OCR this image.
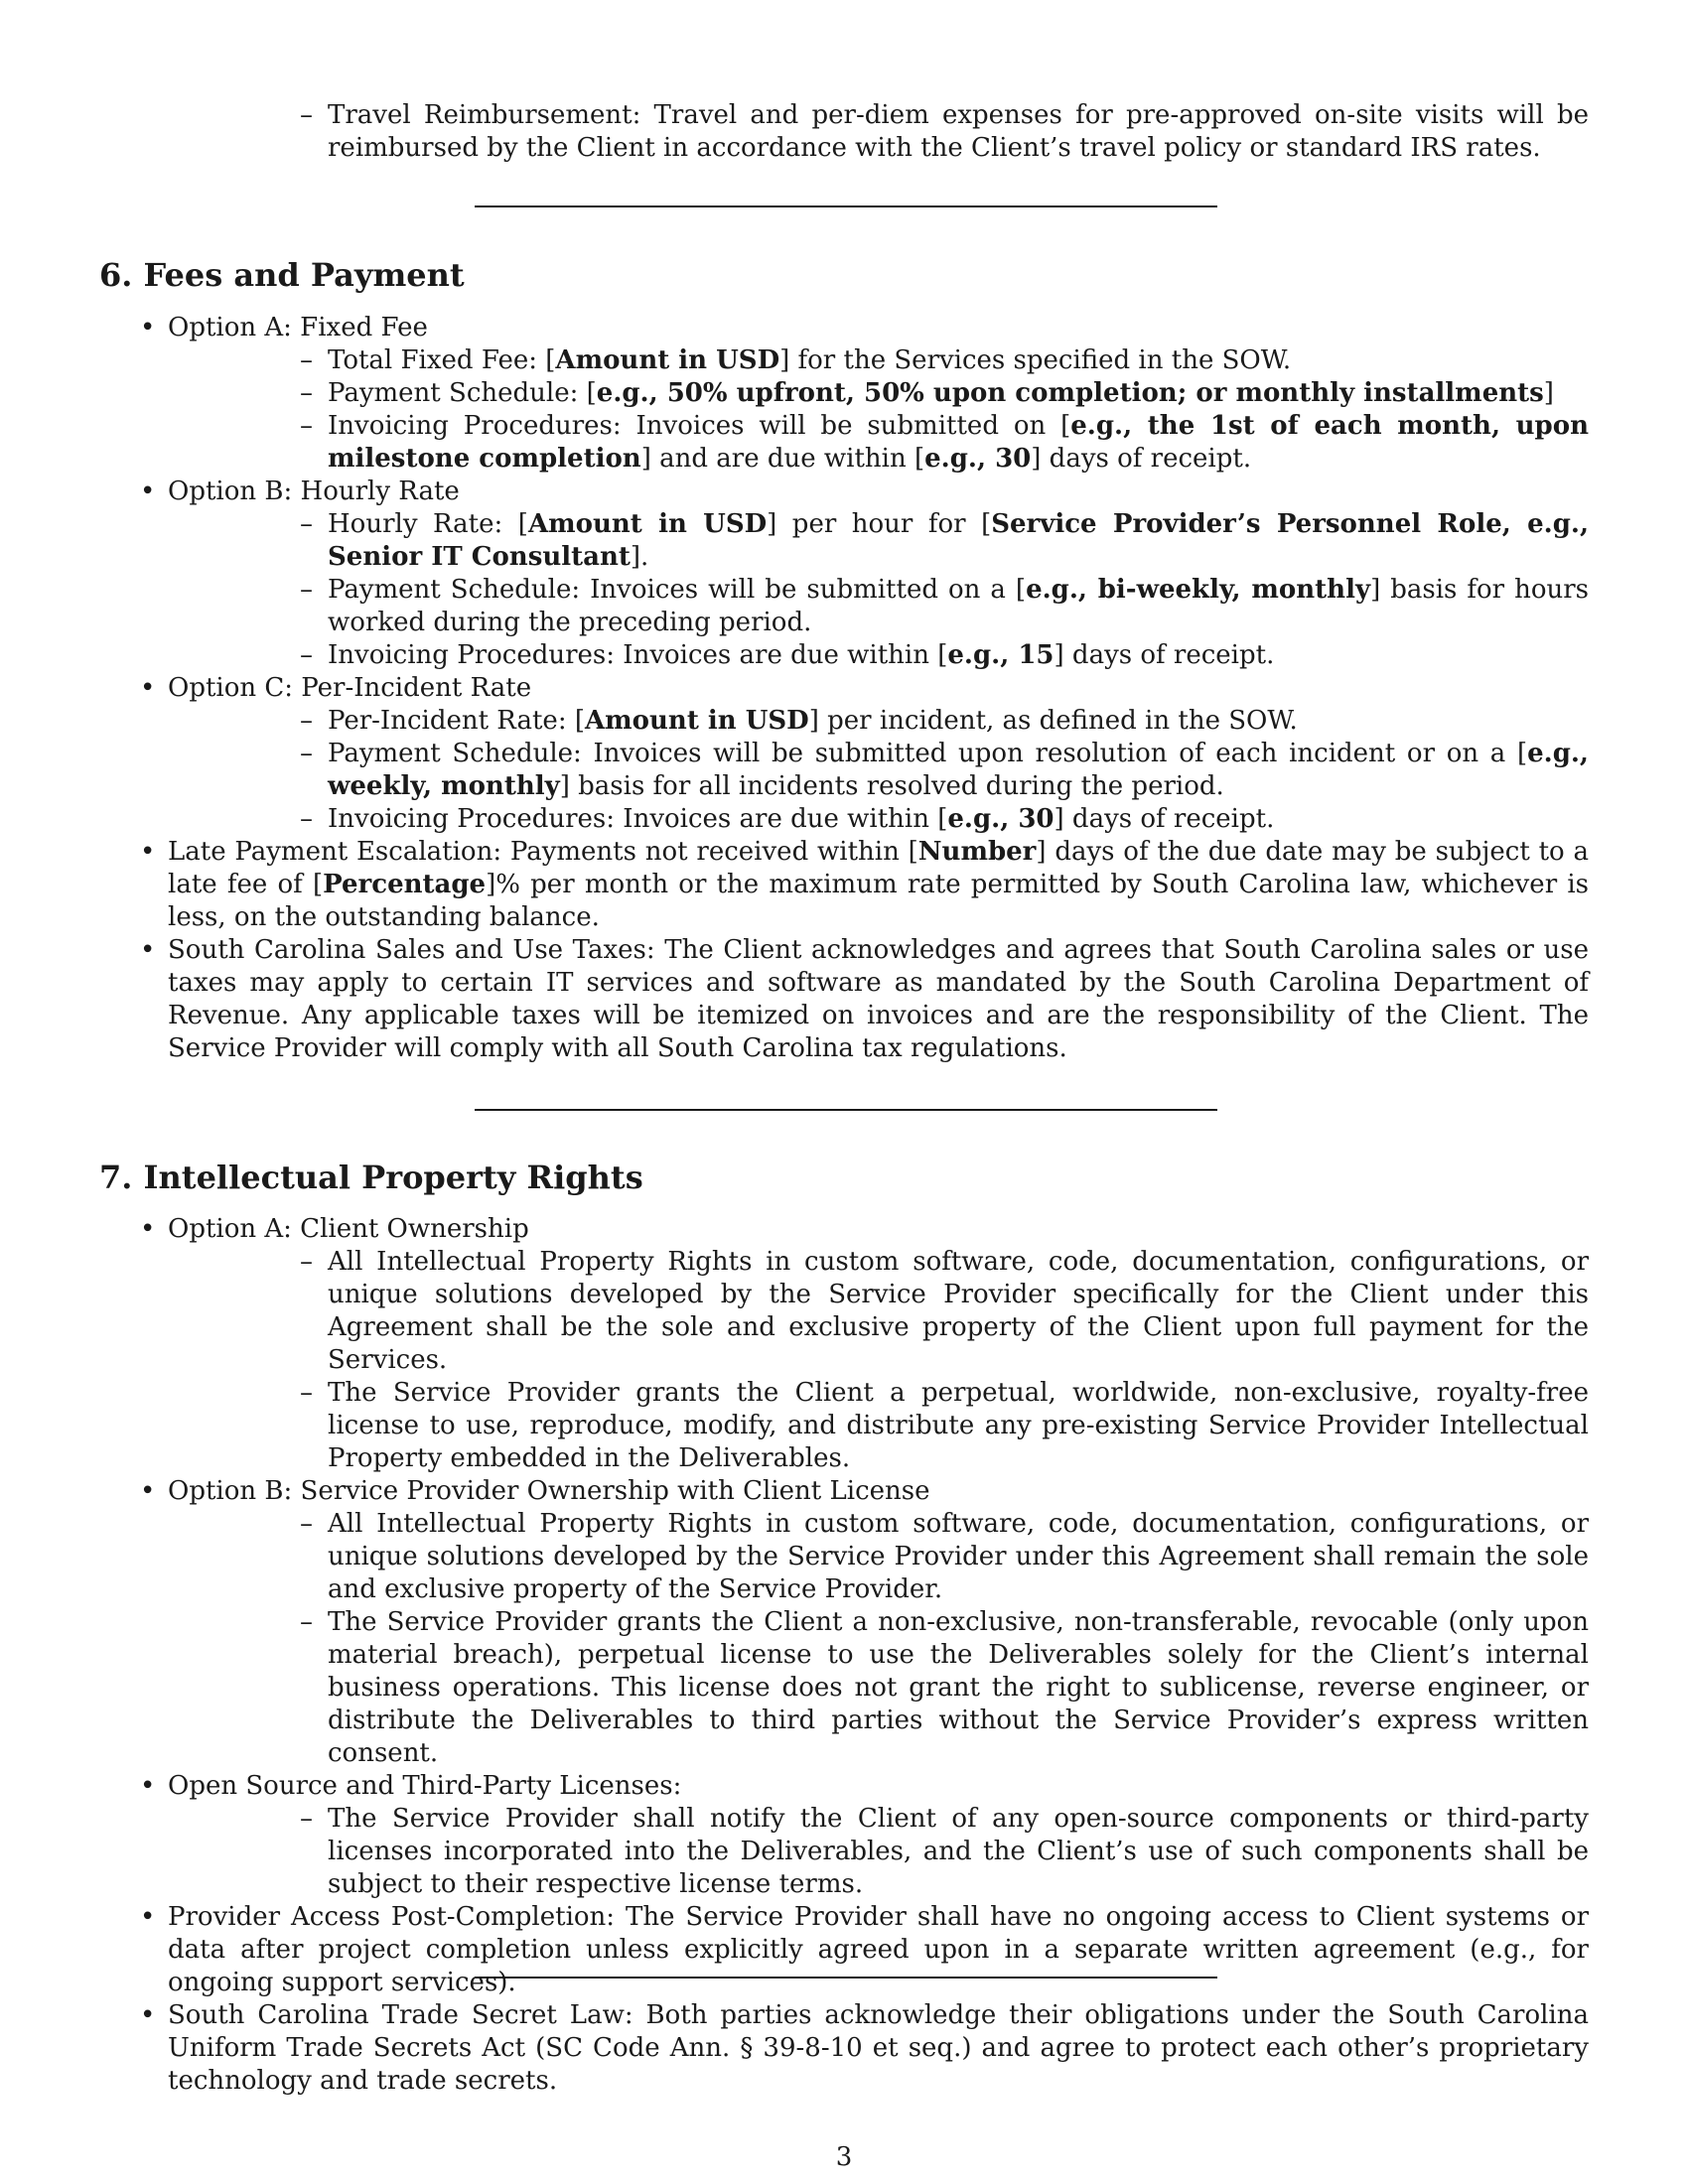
– Travel Reimbursement: Travel and per-diem expenses for pre-approved on-site visits will be reimbursed by the Client in accordance with the Client’s travel policy or standard IRS rates.

6. Fees and Payment

• Option A: Fixed Fee

– Total Fixed Fee: [Amount in USD] for the Services specified in the SOW.

– Payment Schedule: [e.g., 50% upfront, 50% upon completion; or monthly installments]

– Invoicing Procedures: Invoices will be submitted on [e.g., the 1st of each month, upon milestone completion] and are due within [e.g., 30] days of receipt.

• Option B: Hourly Rate

– Hourly Rate: [Amount in USD] per hour for [Service Provider’s Personnel Role, e.g., Senior IT Consultant].

– Payment Schedule: Invoices will be submitted on a [e.g., bi-weekly, monthly] basis for hours worked during the preceding period.

– Invoicing Procedures: Invoices are due within [e.g., 15] days of receipt.

• Option C: Per-Incident Rate

– Per-Incident Rate: [Amount in USD] per incident, as defined in the SOW.

– Payment Schedule: Invoices will be submitted upon resolution of each incident or on a [e.g., weekly, monthly] basis for all incidents resolved during the period.

– Invoicing Procedures: Invoices are due within [e.g., 30] days of receipt.

• Late Payment Escalation: Payments not received within [Number] days of the due date may be subject to a late fee of [Percentage]% per month or the maximum rate permitted by South Carolina law, whichever is less, on the outstanding balance.

• South Carolina Sales and Use Taxes: The Client acknowledges and agrees that South Carolina sales or use taxes may apply to certain IT services and software as mandated by the South Carolina Department of Revenue. Any applicable taxes will be itemized on invoices and are the responsibility of the Client. The Service Provider will comply with all South Carolina tax regulations.

7. Intellectual Property Rights

• Option A: Client Ownership

– All Intellectual Property Rights in custom software, code, documentation, configurations, or unique solutions developed by the Service Provider specifically for the Client under this Agreement shall be the sole and exclusive property of the Client upon full payment for the Services.

– The Service Provider grants the Client a perpetual, worldwide, non-exclusive, royalty-free license to use, reproduce, modify, and distribute any pre-existing Service Provider Intellectual Property embedded in the Deliverables.

• Option B: Service Provider Ownership with Client License

– All Intellectual Property Rights in custom software, code, documentation, configurations, or unique solutions developed by the Service Provider under this Agreement shall remain the sole and exclusive property of the Service Provider.

– The Service Provider grants the Client a non-exclusive, non-transferable, revocable (only upon material breach), perpetual license to use the Deliverables solely for the Client’s internal business operations. This license does not grant the right to sublicense, reverse engineer, or distribute the Deliverables to third parties without the Service Provider’s express written consent.

• Open Source and Third-Party Licenses:

– The Service Provider shall notify the Client of any open-source components or third-party licenses incorporated into the Deliverables, and the Client’s use of such components shall be subject to their respective license terms.

• Provider Access Post-Completion: The Service Provider shall have no ongoing access to Client systems or data after project completion unless explicitly agreed upon in a separate written agreement (e.g., for ongoing support services).

• South Carolina Trade Secret Law: Both parties acknowledge their obligations under the South Carolina Uniform Trade Secrets Act (SC Code Ann. § 39-8-10 et seq.) and agree to protect each other’s proprietary technology and trade secrets.

3
